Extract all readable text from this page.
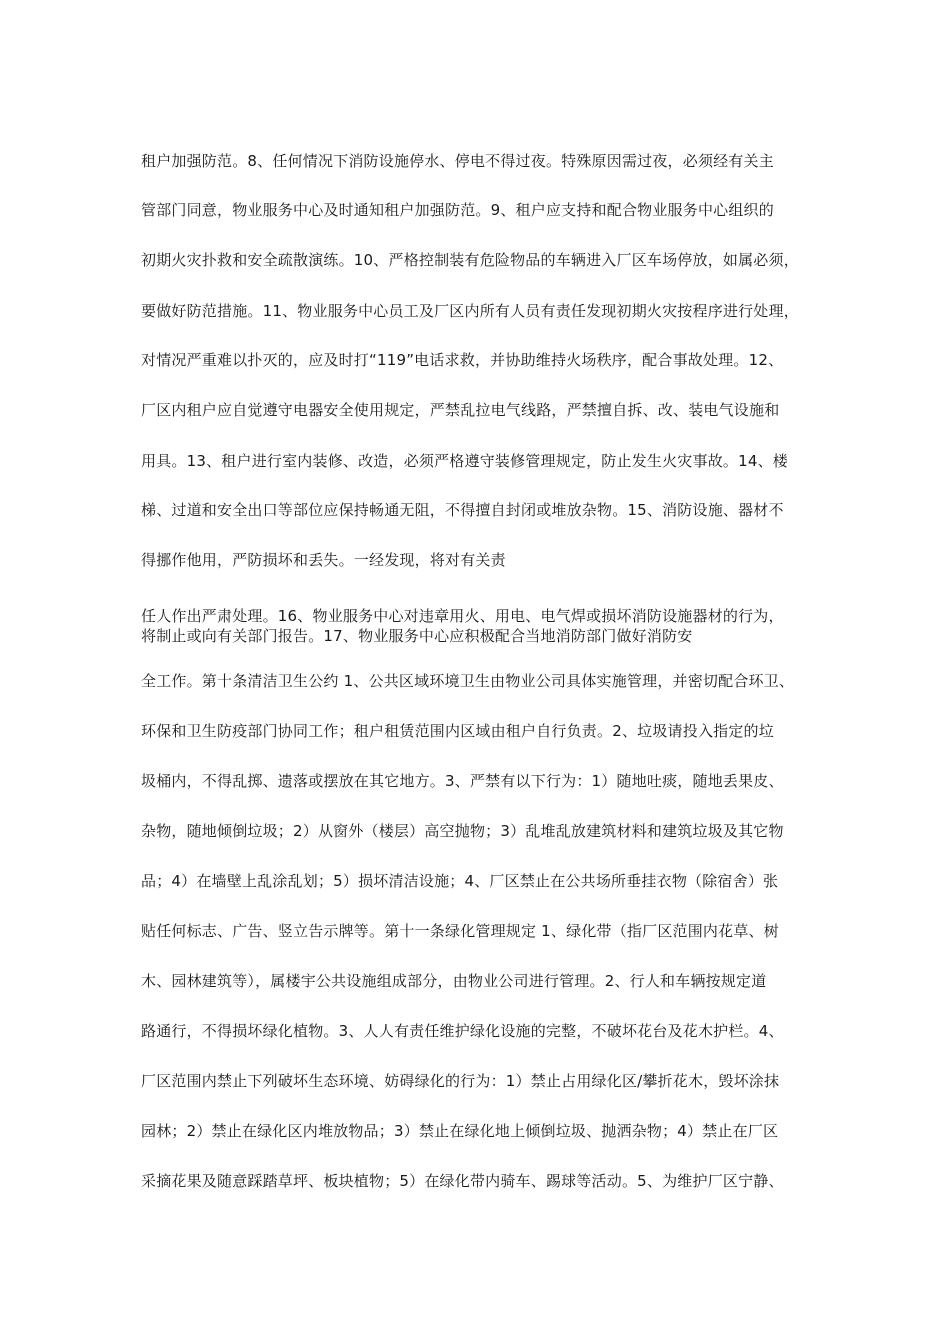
租户加强防范。8、任何情况下消防设施停水、停电不得过夜。特殊原因需过夜，必须经有关主
管部门同意，物业服务中心及时通知租户加强防范。9、租户应支持和配合物业服务中心组织的
初期火灾扑救和安全疏散演练。10、严格控制装有危险物品的车辆进入厂区车场停放，如属必须，
要做好防范措施。11、物业服务中心员工及厂区内所有人员有责任发现初期火灾按程序进行处理，
对情况严重难以扑灭的，应及时打“119”电话求救，并协助维持火场秩序，配合事故处理。12、
厂区内租户应自觉遵守电器安全使用规定，严禁乱拉电气线路，严禁擅自拆、改、装电气设施和
用具。13、租户进行室内装修、改造，必须严格遵守装修管理规定，防止发生火灾事故。14、楼
梯、过道和安全出口等部位应保持畅通无阻，不得擅自封闭或堆放杂物。15、消防设施、器材不
得挪作他用，严防损坏和丢失。一经发现，将对有关责
任人作出严肃处理。16、物业服务中心对违章用火、用电、电气焊或损坏消防设施器材的行为，
将制止或向有关部门报告。17、物业服务中心应积极配合当地消防部门做好消防安
全工作。第十条清洁卫生公约 1、公共区域环境卫生由物业公司具体实施管理，并密切配合环卫、
环保和卫生防疫部门协同工作；租户租赁范围内区域由租户自行负责。2、垃圾请投入指定的垃
圾桶内，不得乱掷、遗落或摆放在其它地方。3、严禁有以下行为：1）随地吐痰，随地丢果皮、
杂物，随地倾倒垃圾；2）从窗外（楼层）高空抛物；3）乱堆乱放建筑材料和建筑垃圾及其它物
品；4）在墙壁上乱涂乱划；5）损坏清洁设施；4、厂区禁止在公共场所垂挂衣物（除宿舍）张
贴任何标志、广告、竖立告示牌等。第十一条绿化管理规定 1、绿化带（指厂区范围内花草、树
木、园林建筑等），属楼宇公共设施组成部分，由物业公司进行管理。2、行人和车辆按规定道
路通行，不得损坏绿化植物。3、人人有责任维护绿化设施的完整，不破坏花台及花木护栏。4、
厂区范围内禁止下列破坏生态环境、妨碍绿化的行为：1）禁止占用绿化区/攀折花木，毁坏涂抹
园林；2）禁止在绿化区内堆放物品；3）禁止在绿化地上倾倒垃圾、抛洒杂物；4）禁止在厂区
采摘花果及随意踩踏草坪、板块植物；5）在绿化带内骑车、踢球等活动。5、为维护厂区宁静、
